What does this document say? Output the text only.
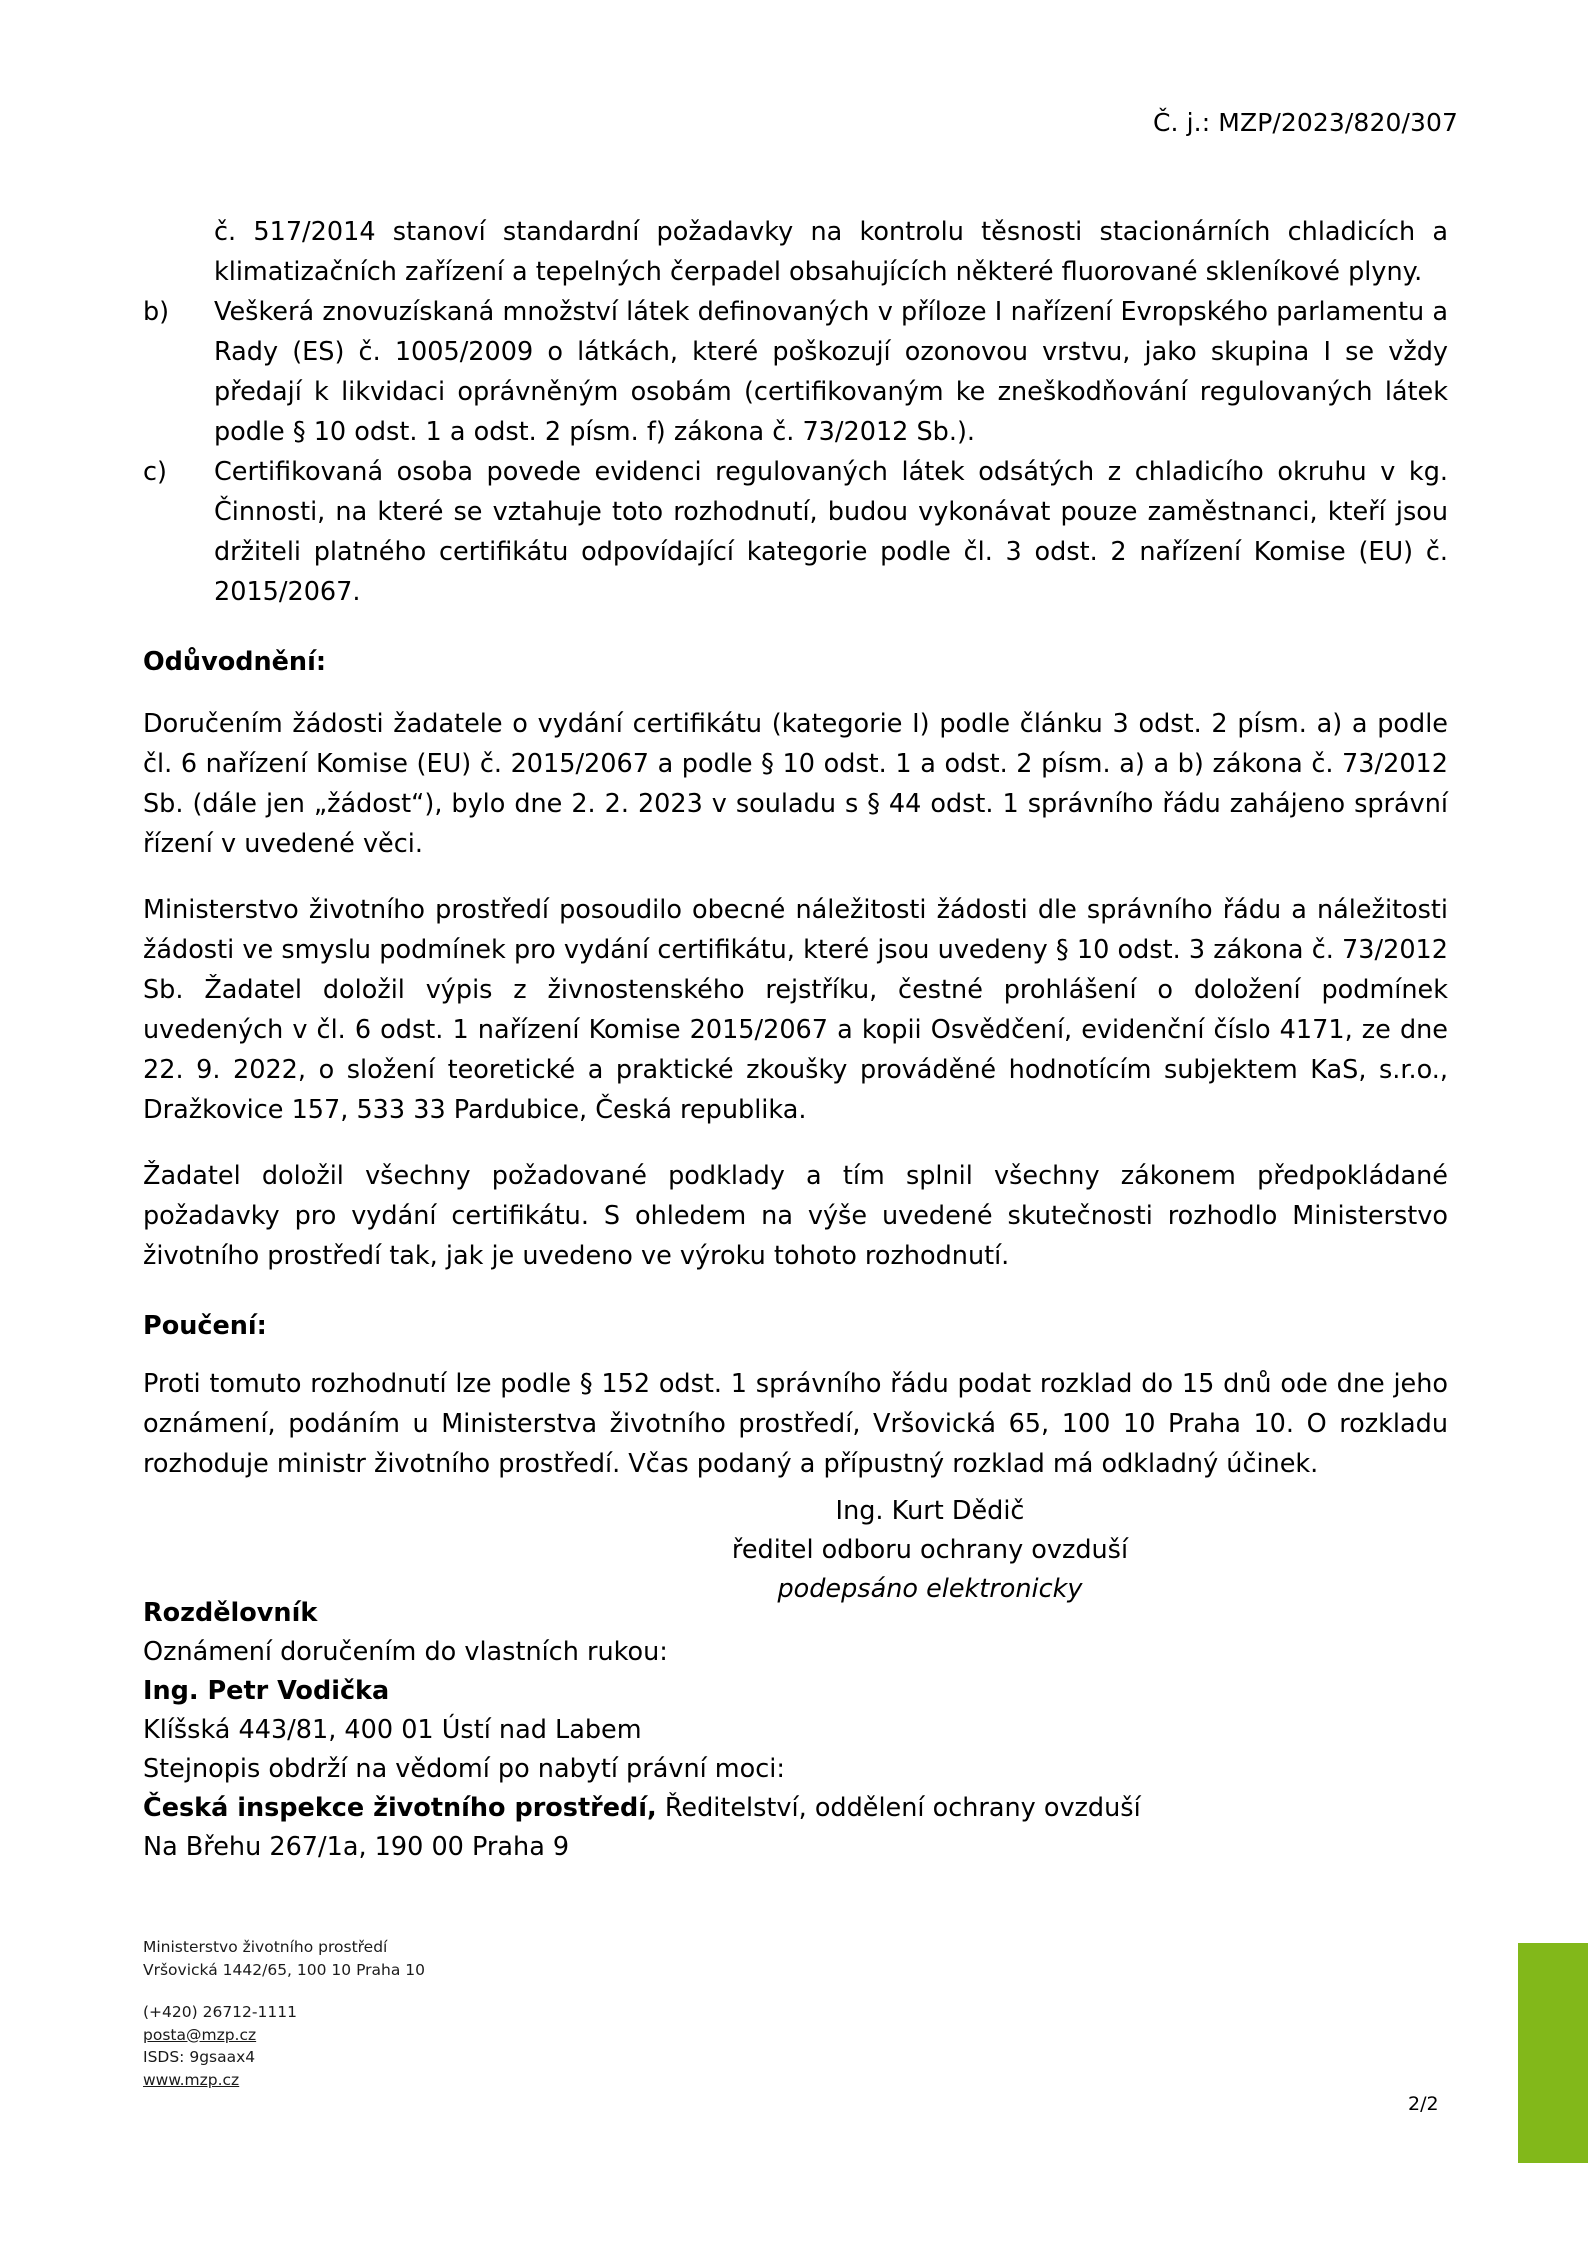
Č. j.: MZP/2023/820/307
č. 517/2014 stanoví standardní požadavky na kontrolu těsnosti stacionárních chladicích a klimatizačních zařízení a tepelných čerpadel obsahujících některé fluorované skleníkové plyny.
b)	Veškerá znovuzískaná množství látek definovaných v příloze I nařízení Evropského parlamentu a Rady (ES) č. 1005/2009 o látkách, které poškozují ozonovou vrstvu, jako skupina I se vždy předají k likvidaci oprávněným osobám (certifikovaným ke zneškodňování regulovaných látek podle § 10 odst. 1 a odst. 2 písm. f) zákona č. 73/2012 Sb.).
c)	Certifikovaná osoba povede evidenci regulovaných látek odsátých z chladicího okruhu v kg. Činnosti, na které se vztahuje toto rozhodnutí, budou vykonávat pouze zaměstnanci, kteří jsou držiteli platného certifikátu odpovídající kategorie podle čl. 3 odst. 2 nařízení Komise (EU) č. 2015/2067.
Odůvodnění:

Doručením žádosti žadatele o vydání certifikátu (kategorie I) podle článku 3 odst. 2 písm. a) a podle čl. 6 nařízení Komise (EU) č. 2015/2067 a podle § 10 odst. 1 a odst. 2 písm. a) a b) zákona č. 73/2012 Sb. (dále jen „žádost“), bylo dne 2. 2. 2023 v souladu s § 44 odst. 1 správního řádu zahájeno správní řízení v uvedené věci.

Ministerstvo životního prostředí posoudilo obecné náležitosti žádosti dle správního řádu a náležitosti žádosti ve smyslu podmínek pro vydání certifikátu, které jsou uvedeny § 10 odst. 3 zákona č. 73/2012 Sb. Žadatel doložil výpis z živnostenského rejstříku, čestné prohlášení o doložení podmínek uvedených v čl. 6 odst. 1 nařízení Komise 2015/2067 a kopii Osvědčení, evidenční číslo 4171, ze dne 22. 9. 2022, o složení teoretické a praktické zkoušky prováděné hodnotícím subjektem KaS, s.r.o., Dražkovice 157, 533 33 Pardubice, Česká republika.

Žadatel doložil všechny požadované podklady a tím splnil všechny zákonem předpokládané požadavky pro vydání certifikátu. S ohledem na výše uvedené skutečnosti rozhodlo Ministerstvo životního prostředí tak, jak je uvedeno ve výroku tohoto rozhodnutí.

Poučení:

Proti tomuto rozhodnutí lze podle § 152 odst. 1 správního řádu podat rozklad do 15 dnů ode dne jeho oznámení, podáním u Ministerstva životního prostředí, Vršovická 65, 100 10 Praha 10. O rozkladu rozhoduje ministr životního prostředí. Včas podaný a přípustný rozklad má odkladný účinek.

Ing. Kurt Dědič
ředitel odboru ochrany ovzduší
podepsáno elektronicky
Rozdělovník
Oznámení doručením do vlastních rukou:
Ing. Petr Vodička
Klíšská 443/81, 400 01 Ústí nad Labem
Stejnopis obdrží na vědomí po nabytí právní moci:
Česká inspekce životního prostředí, Ředitelství, oddělení ochrany ovzduší
Na Břehu 267/1a, 190 00 Praha 9
Ministerstvo životního prostředí
Vršovická 1442/65, 100 10 Praha 10
(+420) 26712-1111
posta@mzp.cz
ISDS: 9gsaax4
www.mzp.cz
2/2
